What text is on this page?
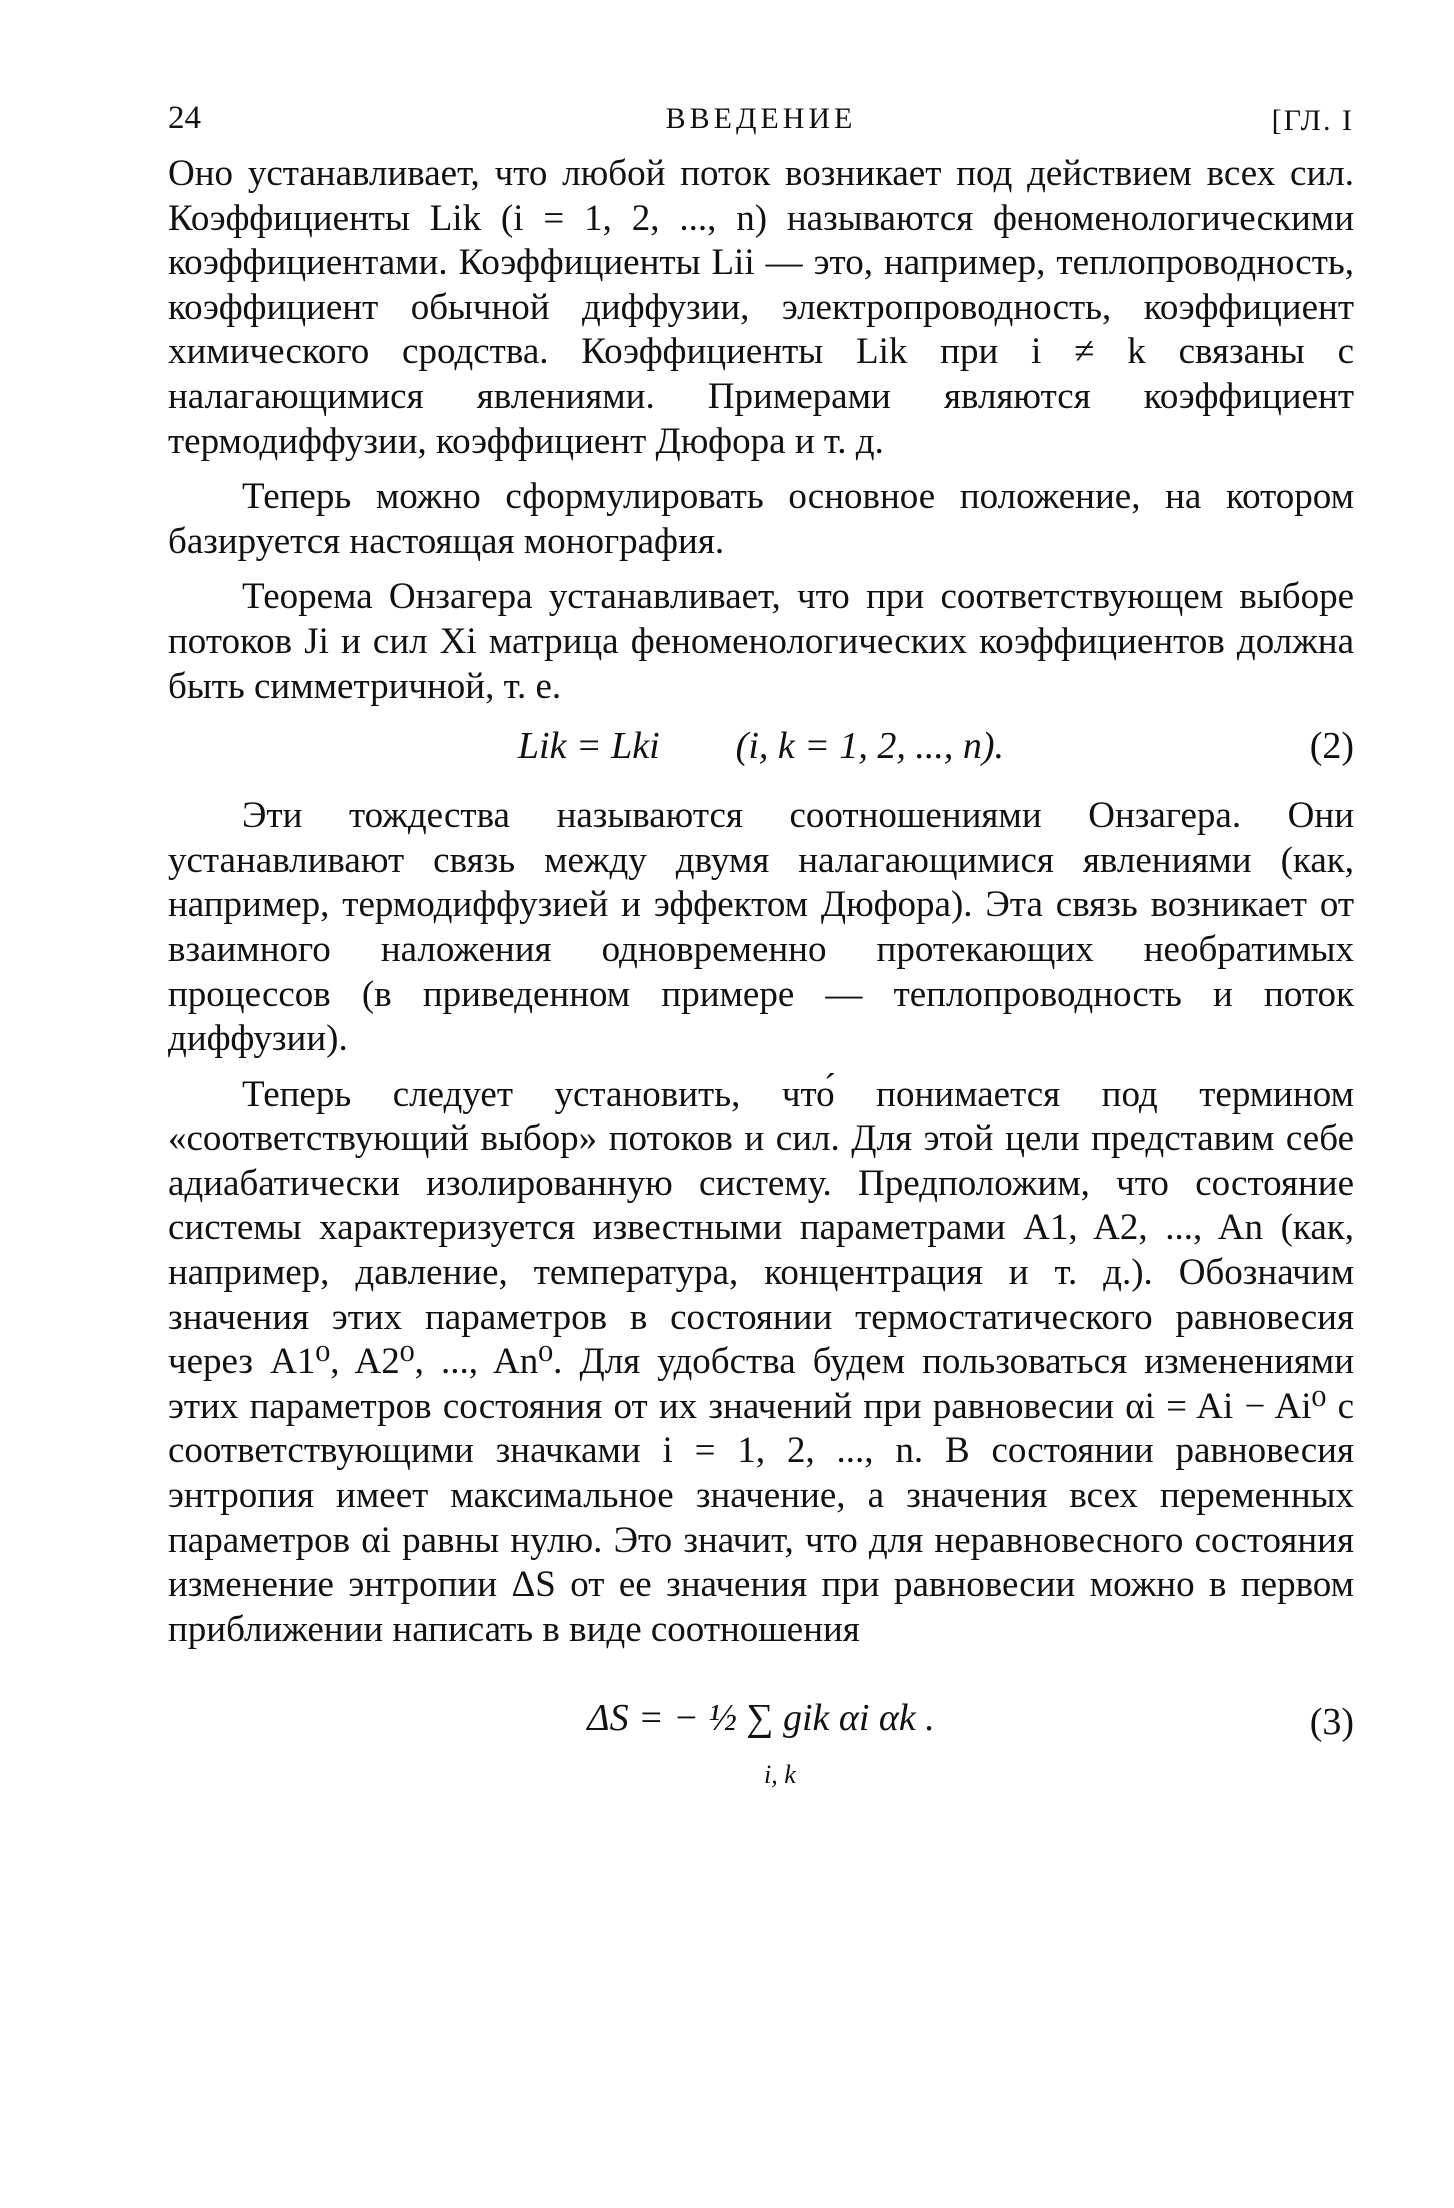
24	ВВЕДЕНИЕ	[ГЛ. I

Оно устанавливает, что любой поток возникает под действием всех сил. Коэффициенты Lik (i = 1, 2, ..., n) называются феноменологическими коэффициентами. Коэффициенты Lii — это, например, теплопроводность, коэффициент обычной диффузии, электропроводность, коэффициент химического сродства. Коэффициенты Lik при i ≠ k связаны с налагающимися явлениями. Примерами являются коэффициент термодиффузии, коэффициент Дюфора и т. д.

Теперь можно сформулировать основное положение, на котором базируется настоящая монография.

Теорема Онзагера устанавливает, что при соответствующем выборе потоков Ji и сил Xi матрица феноменологических коэффициентов должна быть симметричной, т. е.

Lik = Lki        (i, k = 1, 2, ..., n).	(2)

Эти тождества называются соотношениями Онзагера. Они устанавливают связь между двумя налагающимися явлениями (как, например, термодиффузией и эффектом Дюфора). Эта связь возникает от взаимного наложения одновременно протекающих необратимых процессов (в приведенном примере — теплопроводность и поток диффузии).

Теперь следует установить, что́ понимается под термином «соответствующий выбор» потоков и сил. Для этой цели представим себе адиабатически изолированную систему. Предположим, что состояние системы характеризуется известными параметрами A1, A2, ..., An (как, например, давление, температура, концентрация и т. д.). Обозначим значения этих параметров в состоянии термостатического равновесия через A1⁰, A2⁰, ..., An⁰. Для удобства будем пользоваться изменениями этих параметров состояния от их значений при равновесии αi = Ai − Ai⁰ с соответствующими значками i = 1, 2, ..., n. В состоянии равновесия энтропия имеет максимальное значение, а значения всех переменных параметров αi равны нулю. Это значит, что для неравновесного состояния изменение энтропии ΔS от ее значения при равновесии можно в первом приближении написать в виде соотношения

ΔS = − ½ ∑ gik αi αk .
i, k
(3)
